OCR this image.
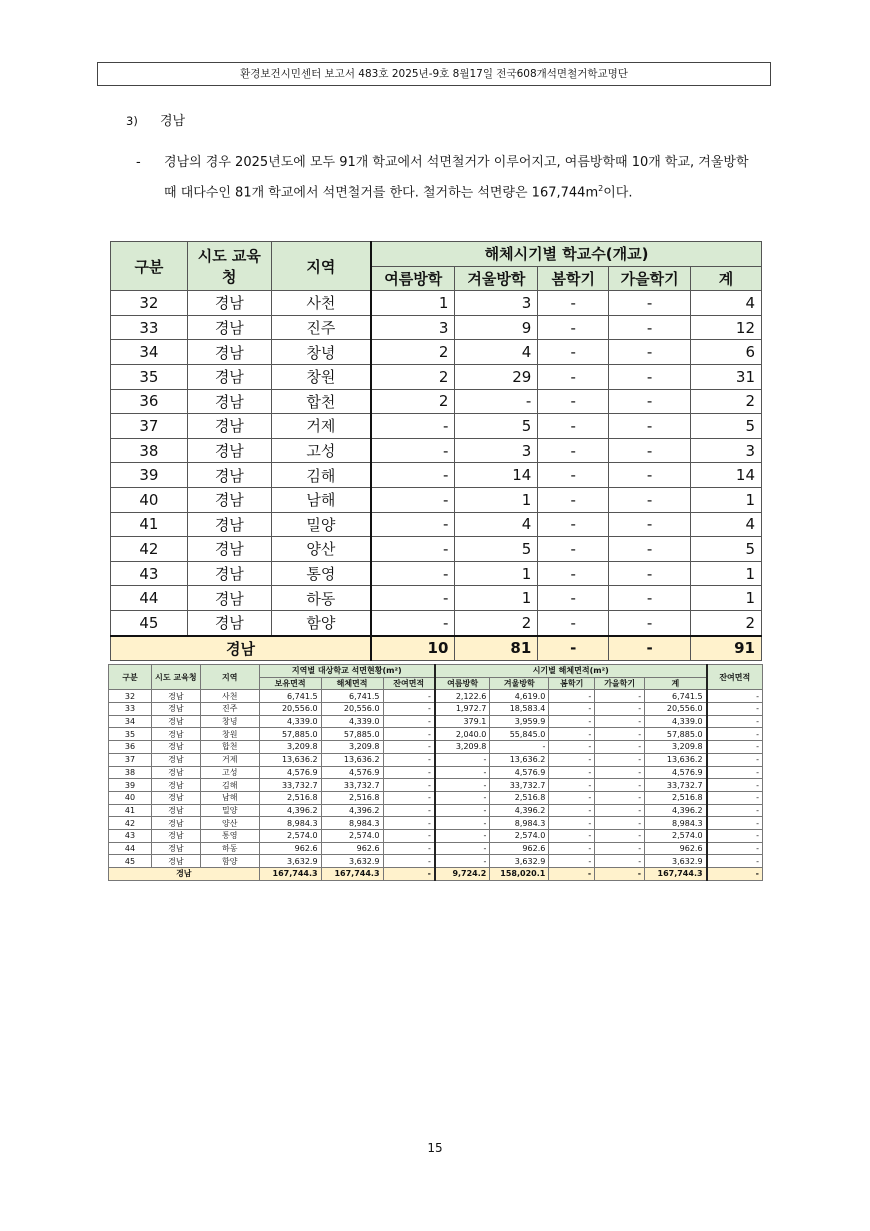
환경보건시민센터 보고서 483호 2025년-9호 8월17일 전국608개석면철거학교명단
3) 경남
- 경남의 경우 2025년도에 모두 91개 학교에서 석면철거가 이루어지고, 여름방학때 10개 학교, 겨울방학때 대다수인 81개 학교에서 석면철거를 한다. 철거하는 석면량은 $167,744m^2$이다.
구분	시도 교육청	지역	해체시기별 학교수(개교)				
			여름방학	겨울방학	봄학기	가을학기	계
32	경남	사천	1	3	-	-	4
33	경남	진주	3	9	-	-	12
34	경남	창녕	2	4	-	-	6
35	경남	창원	2	29	-	-	31
36	경남	합천	2	-	-	-	2
37	경남	거제	-	5	-	-	5
38	경남	고성	-	3	-	-	3
39	경남	김해	-	14	-	-	14
40	경남	남해	-	1	-	-	1
41	경남	밀양	-	4	-	-	4
42	경남	양산	-	5	-	-	5
43	경남	통영	-	1	-	-	1
44	경남	하동	-	1	-	-	1
45	경남	함양	-	2	-	-	2
경남			10	81	-	-	91
구분	시도 교육청	지역	지역별 대상학교 석면현황(m²)			시기별 해체면적(m²)					잔여면적
			보유면적	해체면적	잔여면적	여름방학	겨울방학	봄학기	가을학기	계	
32	경남	사천	6,741.5	6,741.5	-	2,122.6	4,619.0	-	-	6,741.5	-
33	경남	진주	20,556.0	20,556.0	-	1,972.7	18,583.4	-	-	20,556.0	-
34	경남	창녕	4,339.0	4,339.0	-	379.1	3,959.9	-	-	4,339.0	-
35	경남	창원	57,885.0	57,885.0	-	2,040.0	55,845.0	-	-	57,885.0	-
36	경남	합천	3,209.8	3,209.8	-	3,209.8	-	-	-	3,209.8	-
37	경남	거제	13,636.2	13,636.2	-	-	13,636.2	-	-	13,636.2	-
38	경남	고성	4,576.9	4,576.9	-	-	4,576.9	-	-	4,576.9	-
39	경남	김해	33,732.7	33,732.7	-	-	33,732.7	-	-	33,732.7	-
40	경남	남해	2,516.8	2,516.8	-	-	2,516.8	-	-	2,516.8	-
41	경남	밀양	4,396.2	4,396.2	-	-	4,396.2	-	-	4,396.2	-
42	경남	양산	8,984.3	8,984.3	-	-	8,984.3	-	-	8,984.3	-
43	경남	통영	2,574.0	2,574.0	-	-	2,574.0	-	-	2,574.0	-
44	경남	하동	962.6	962.6	-	-	962.6	-	-	962.6	-
45	경남	함양	3,632.9	3,632.9	-	-	3,632.9	-	-	3,632.9	-
경남			167,744.3	167,744.3	-	9,724.2	158,020.1	-	-	167,744.3	-
15
